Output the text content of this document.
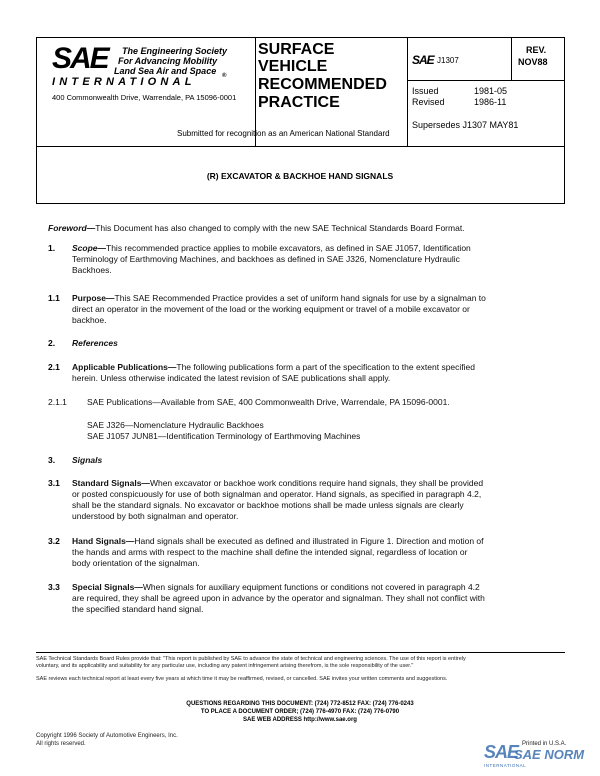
SAE The Engineering Society
For Advancing Mobility
Land Sea Air and Space ®
INTERNATIONAL
400 Commonwealth Drive, Warrendale, PA 15096-0001
SURFACE
VEHICLE
RECOMMENDED
PRACTICE
Submitted for recognition as an American National Standard
SAE J1307
REV.
NOV88
Issued	1981-05
Revised	1986-11
Supersedes J1307 MAY81
(R) EXCAVATOR & BACKHOE HAND SIGNALS
Foreword—This Document has also changed to comply with the new SAE Technical Standards Board Format.
1. Scope—This recommended practice applies to mobile excavators, as defined in SAE J1057, Identification
Terminology of Earthmoving Machines, and backhoes as defined in SAE J326, Nomenclature Hydraulic
Backhoes.
1.1 Purpose—This SAE Recommended Practice provides a set of uniform hand signals for use by a signalman to
direct an operator in the movement of the load or the working equipment or travel of a mobile excavator or
backhoe.
2. References
2.1 Applicable Publications—The following publications form a part of the specification to the extent specified
herein. Unless otherwise indicated the latest revision of SAE publications shall apply.
2.1.1 SAE Publications—Available from SAE, 400 Commonwealth Drive, Warrendale, PA 15096-0001.
SAE J326—Nomenclature Hydraulic Backhoes
SAE J1057 JUN81—Identification Terminology of Earthmoving Machines
3. Signals
3.1 Standard Signals—When excavator or backhoe work conditions require hand signals, they shall be provided
or posted conspicuously for use of both signalman and operator. Hand signals, as specified in paragraph 4.2,
shall be the standard signals. No excavator or backhoe motions shall be made unless signals are clearly
understood by both signalman and operator.
3.2 Hand Signals—Hand signals shall be executed as defined and illustrated in Figure 1. Direction and motion of
the hands and arms with respect to the machine shall define the intended signal, regardless of location or
body orientation of the signalman.
3.3 Special Signals—When signals for auxiliary equipment functions or conditions not covered in paragraph 4.2
are required, they shall be agreed upon in advance by the operator and signalman. They shall not conflict with
the specified standard hand signal.
SAE Technical Standards Board Rules provide that: "This report is published by SAE to advance the state of technical and engineering sciences. The use of this report is entirely
voluntary, and its applicability and suitability for any particular use, including any patent infringement arising therefrom, is the sole responsibility of the user."
SAE reviews each technical report at least every five years at which time it may be reaffirmed, revised, or cancelled. SAE invites your written comments and suggestions.
QUESTIONS REGARDING THIS DOCUMENT: (724) 772-8512 FAX: (724) 776-0243
TO PLACE A DOCUMENT ORDER; (724) 776-4970 FAX: (724) 776-0790
SAE WEB ADDRESS http://www.sae.org
Copyright 1996 Society of Automotive Engineers, Inc.
All rights reserved.	Printed in U.S.A.
SAE
SAE NORM
INTERNATIONAL
